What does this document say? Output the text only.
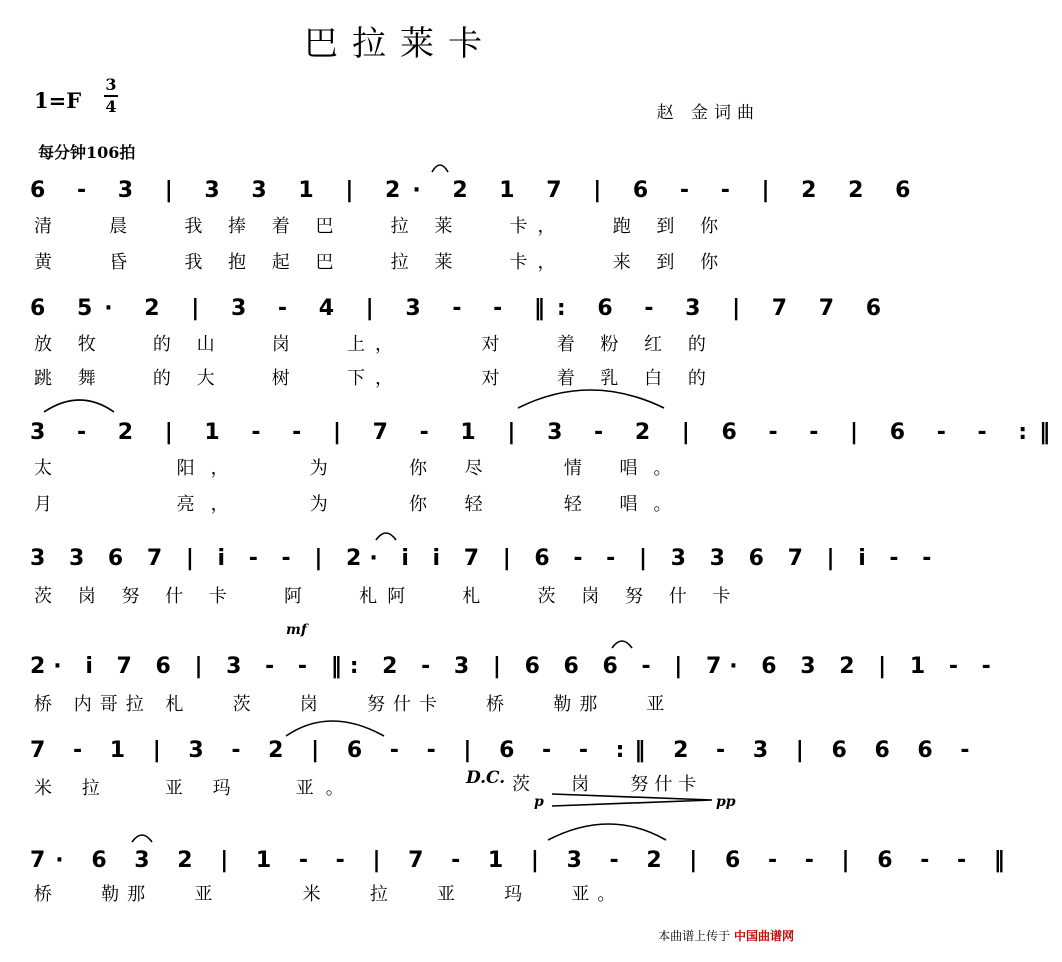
巴拉莱卡
1=F
3
4	赵 金词曲
每分钟106拍
6 - 3 | 3 3 1 | 2· 2 1 7 | 6 - - | 2 2 6
清   晨   我 捧 着 巴   拉 莱   卡，   跑 到 你
黄   昏   我 抱 起 巴   拉 莱   卡，   来 到 你
6 5· 2 | 3 - 4 | 3 - - ‖: 6 - 3 | 7 7 6
放 牧   的 山   岗   上，     对   着 粉 红 的
跳 舞   的 大   树   下，     对   着 乳 白 的
3 - 2 | 1 - - | 7 - 1 | 3 - 2 | 6 - - | 6 - - :‖
太     阳，   为   你 尽   情 唱。
月     亮，   为   你 轻   轻 唱。
3 3 6 7 | i - - | 2· i i 7 | 6 - - | 3 3 6 7 | i - -
茨 岗 努 什 卡   阿   札阿   札   茨 岗 努 什 卡
mf
2· i 7 6 | 3 - - ‖: 2 - 3 | 6 6 6 - | 7· 6 3 2 | 1 - -
桥 内哥拉 札   茨   岗   努什卡   桥   勒那   亚
7 - 1 | 3 - 2 | 6 - - | 6 - - :‖ 2 - 3 | 6 6 6 -
米 拉   亚 玛   亚。	D.C. 茨   岗   努什卡
p	pp
7· 6 3 2 | 1 - - | 7 - 1 | 3 - 2 | 6 - - | 6 - - ‖
桥   勒那   亚      米   拉   亚   玛   亚。
本曲谱上传于 中国曲谱网
